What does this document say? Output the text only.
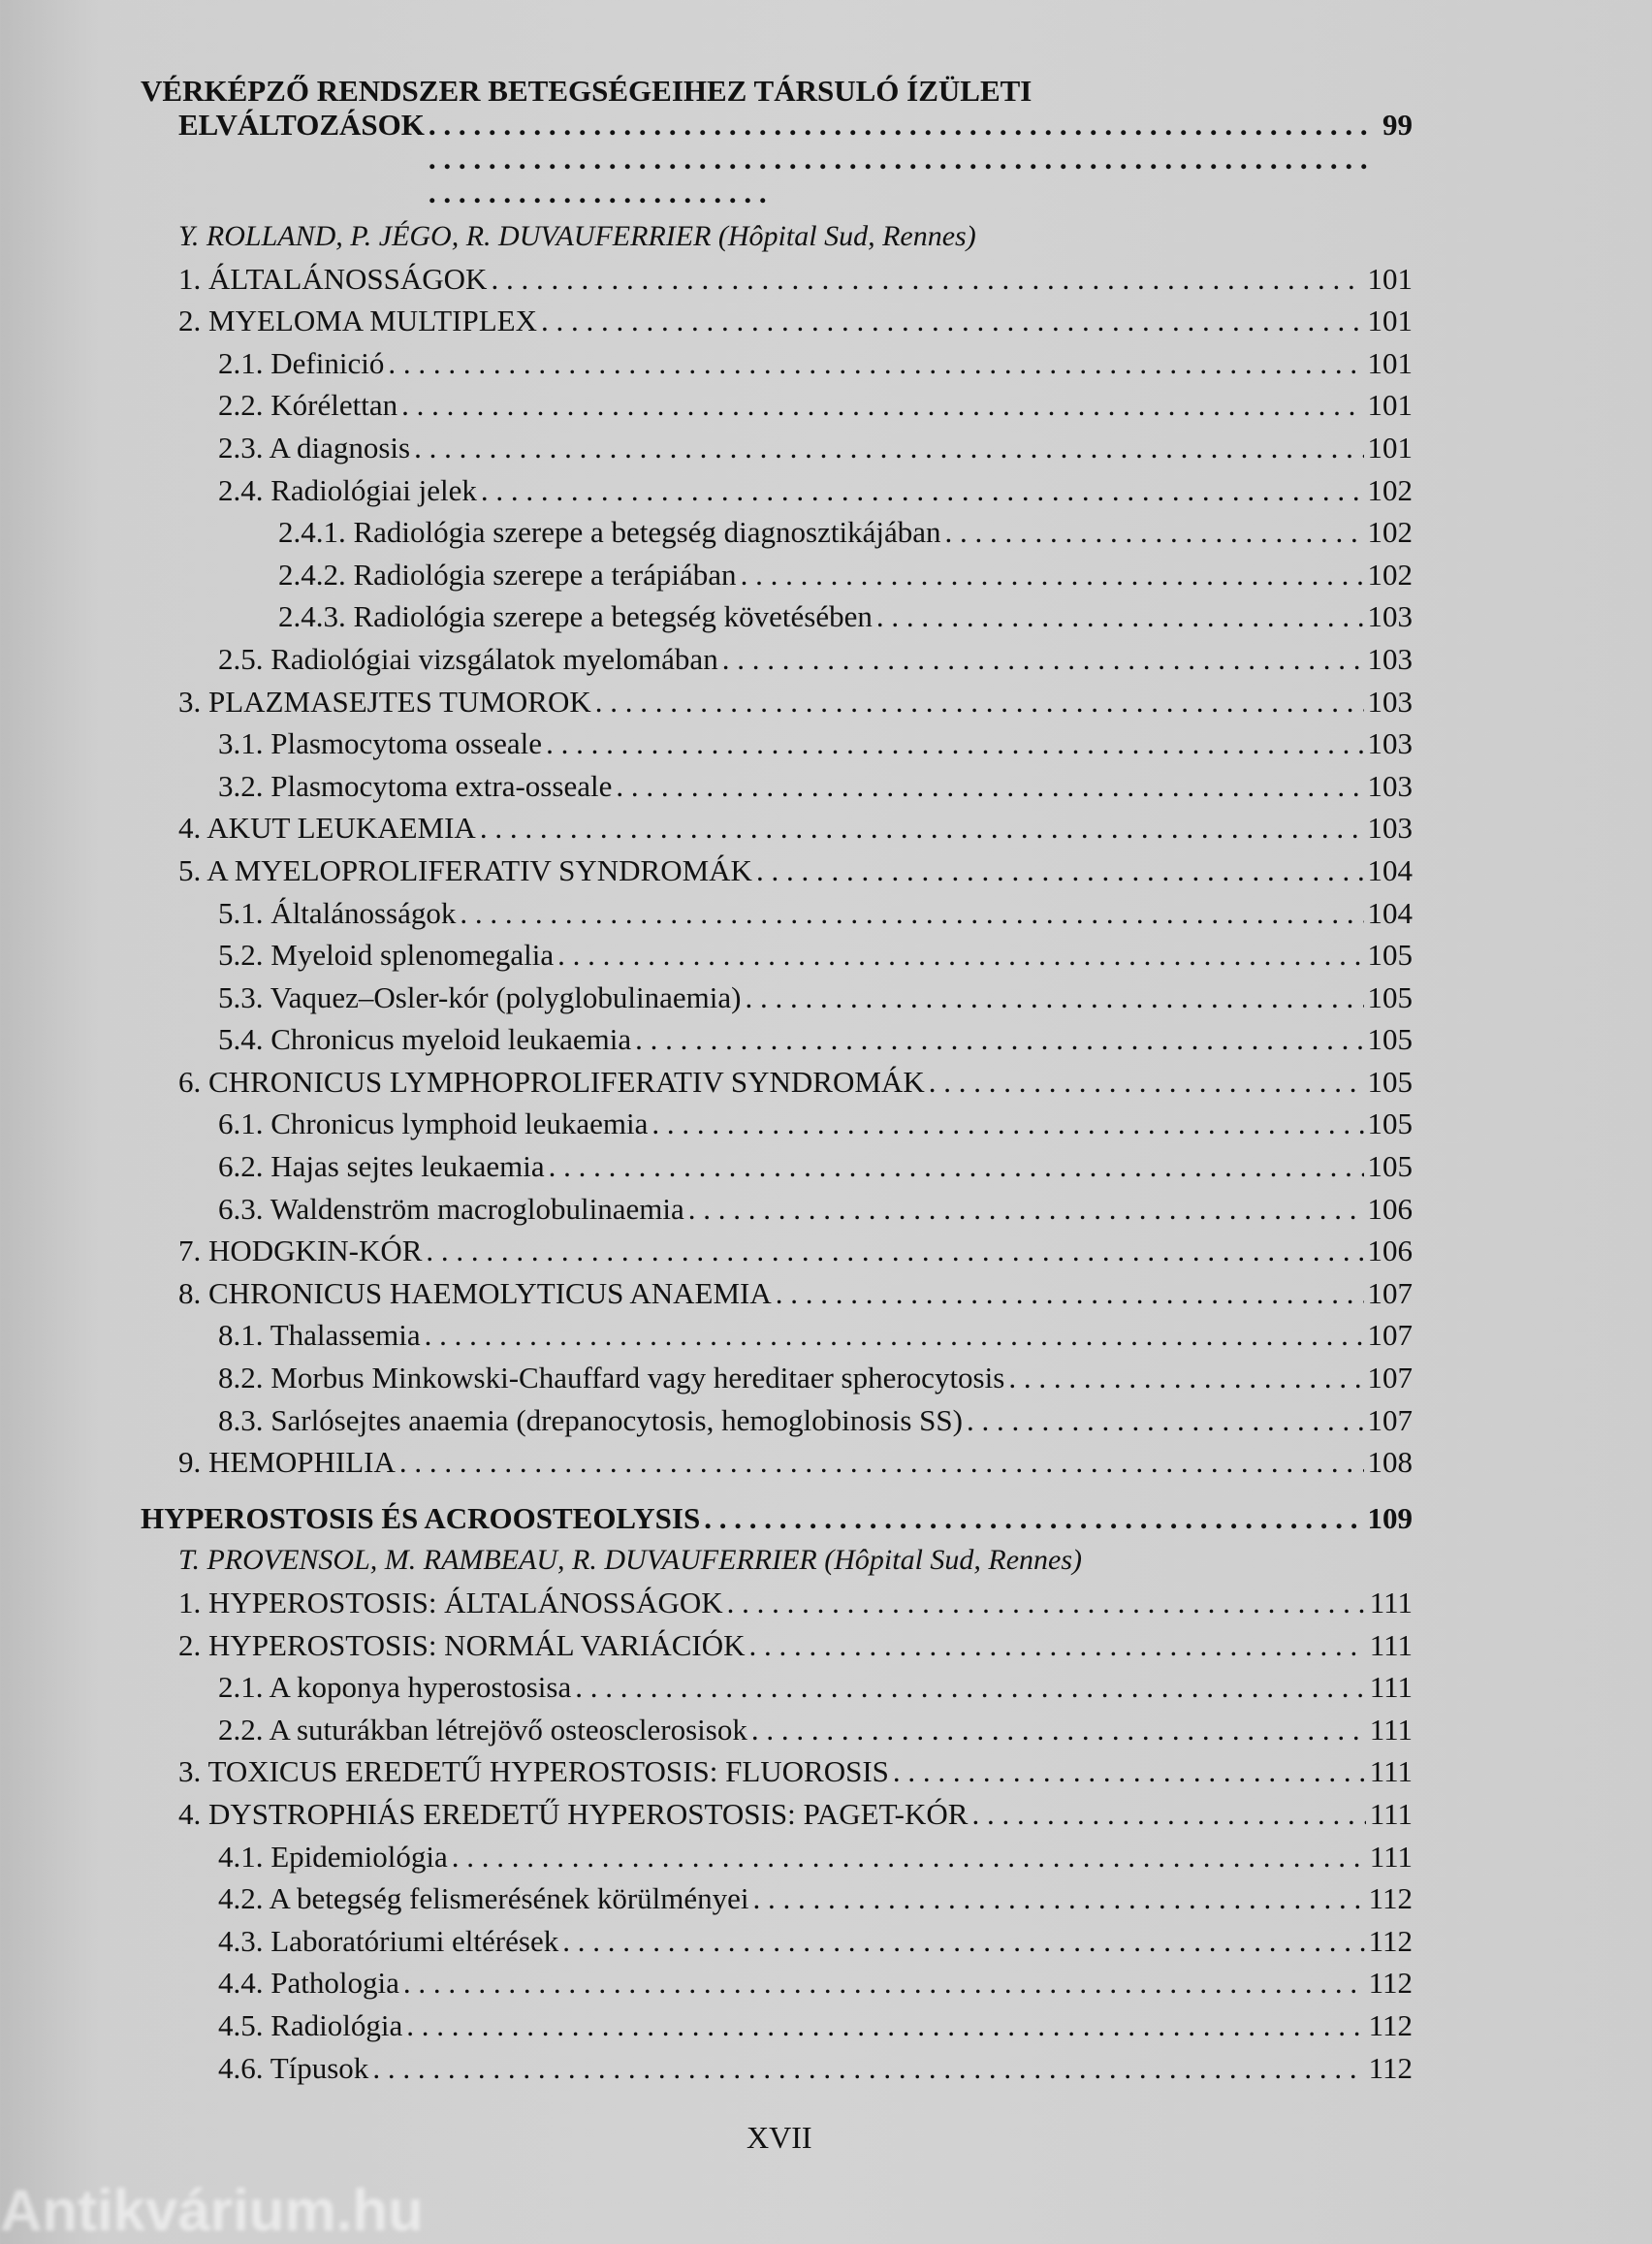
VÉRKÉPZŐ RENDSZER BETEGSÉGEIHEZ TÁRSULÓ ÍZÜLETI
ELVÁLTOZÁSOK . . .	99
Y. ROLLAND, P. JÉGO, R. DUVAUFERRIER (Hôpital Sud, Rennes)
1. ÁLTALÁNOSSÁGOK . . .	101
2. MYELOMA MULTIPLEX . . .	101
2.1. Definició . . .	101
2.2. Kórélettan . . .	101
2.3. A diagnosis . . .	101
2.4. Radiológiai jelek . . .	102
2.4.1. Radiológia szerepe a betegség diagnosztikájában . . .	102
2.4.2. Radiológia szerepe a terápiában . . .	102
2.4.3. Radiológia szerepe a betegség követésében . . .	103
2.5. Radiológiai vizsgálatok myelomában . . .	103
3. PLAZMASEJTES TUMOROK . . .	103
3.1. Plasmocytoma osseale . . .	103
3.2. Plasmocytoma extra-osseale . . .	103
4. AKUT LEUKAEMIA . . .	103
5. A MYELOPROLIFERATIV SYNDROMÁK . . .	104
5.1. Általánosságok . . .	104
5.2. Myeloid splenomegalia . . .	105
5.3. Vaquez–Osler-kór (polyglobulinaemia) . . .	105
5.4. Chronicus myeloid leukaemia . . .	105
6. CHRONICUS LYMPHOPROLIFERATIV SYNDROMÁK . . .	105
6.1. Chronicus lymphoid leukaemia . . .	105
6.2. Hajas sejtes leukaemia . . .	105
6.3. Waldenström macroglobulinaemia . . .	106
7. HODGKIN-KÓR . . .	106
8. CHRONICUS HAEMOLYTICUS ANAEMIA . . .	107
8.1. Thalassemia . . .	107
8.2. Morbus Minkowski-Chauffard vagy hereditaer spherocytosis . . .	107
8.3. Sarlósejtes anaemia (drepanocytosis, hemoglobinosis SS) . . .	107
9. HEMOPHILIA . . .	108
HYPEROSTOSIS ÉS ACROOSTEOLYSIS . . .	109
T. PROVENSOL, M. RAMBEAU, R. DUVAUFERRIER (Hôpital Sud, Rennes)
1. HYPEROSTOSIS: ÁLTALÁNOSSÁGOK . . .	111
2. HYPEROSTOSIS: NORMÁL VARIÁCIÓK . . .	111
2.1. A koponya hyperostosisa . . .	111
2.2. A suturákban létrejövő osteosclerosisok . . .	111
3. TOXICUS EREDETŰ HYPEROSTOSIS: FLUOROSIS . . .	111
4. DYSTROPHIÁS EREDETŰ HYPEROSTOSIS: PAGET-KÓR . . .	111
4.1. Epidemiológia . . .	111
4.2. A betegség felismerésének körülményei . . .	112
4.3. Laboratóriumi eltérések . . .	112
4.4. Pathologia . . .	112
4.5. Radiológia . . .	112
4.6. Típusok . . .	112
XVII
Antikvárium.hu
